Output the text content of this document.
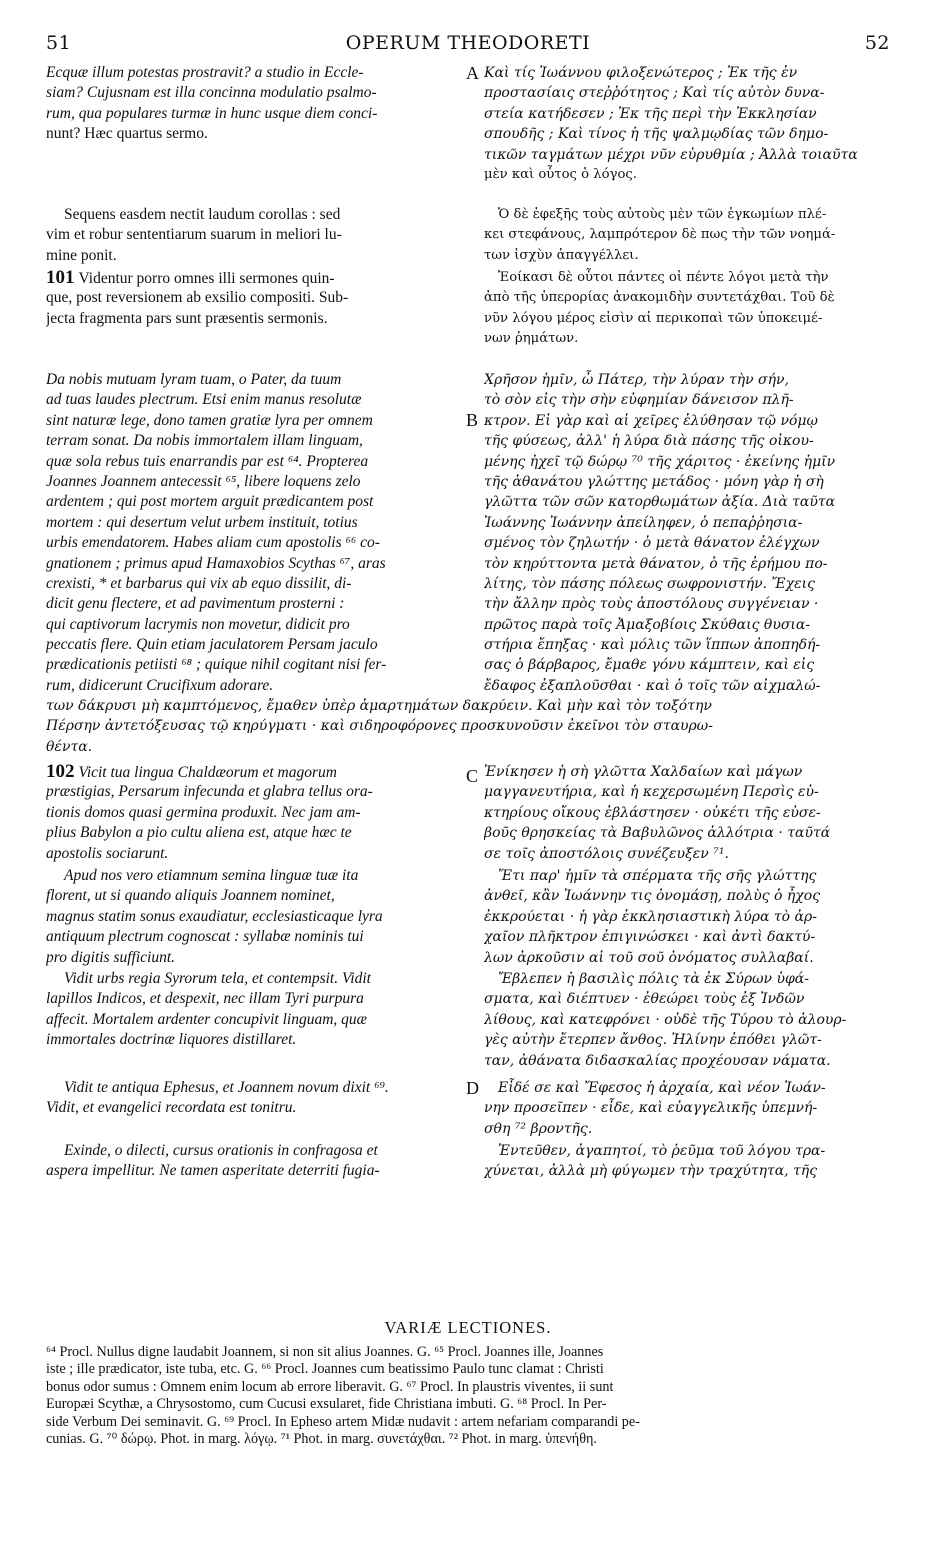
51	OPERUM THEODORETI	52
Ecquæ illum potestas prostravit? a studio in Eccle-
siam? Cujusnam est illa concinna modulatio psalmo-
rum, qua populares turmæ in hunc usque diem conci-
nunt? Hæc quartus sermo.
Sequens easdem nectit laudum corollas : sed
vim et robur sententiarum suarum in meliori lu-
mine ponit.
101 Videntur porro omnes illi sermones quin-
que, post reversionem ab exsilio compositi. Sub-
jecta fragmenta pars sunt præsentis sermonis.
Da nobis mutuam lyram tuam, o Pater, da tuum
ad tuas laudes plectrum. Etsi enim manus resolutæ
sint naturæ lege, dono tamen gratiæ lyra per omnem
terram sonat. Da nobis immortalem illam linguam,
quæ sola rebus tuis enarrandis par est ⁶⁴. Propterea
Joannes Joannem antecessit ⁶⁵, libere loquens zelo
ardentem ; qui post mortem arguit prædicantem post
mortem : qui desertum velut urbem instituit, totius
urbis emendatorem. Habes aliam cum apostolis ⁶⁶ co-
gnationem ; primus apud Hamaxobios Scythas ⁶⁷, aras
crexisti, * et barbarus qui vix ab equo dissilit, di-
dicit genu flectere, et ad pavimentum prosterni :
qui captivorum lacrymis non movetur, didicit pro
peccatis flere. Quin etiam jaculatorem Persam jaculo
prædicationis petiisti ⁶⁸ ; quique nihil cogitant nisi fer-
rum, didicerunt Crucifixum adorare.
Καὶ τίς Ἰωάννου φιλοξενώτερος ; Ἐκ τῆς ἐν
προστασίαις στεῤῥότητος ; Καὶ τίς αὐτὸν δυνα-
στεία κατήδεσεν ; Ἐκ τῆς περὶ τὴν Ἐκκλησίαν
σπουδῆς ; Καὶ τίνος ἡ τῆς ψαλμῳδίας τῶν δημο-
τικῶν ταγμάτων μέχρι νῦν εὐρυθμία ; Ἀλλὰ τοιαῦτα
μὲν καὶ οὗτος ὁ λόγος.
Ὁ δὲ ἐφεξῆς τοὺς αὐτοὺς μὲν τῶν ἐγκωμίων πλέ-
κει στεφάνους, λαμπρότερον δὲ πως τὴν τῶν νοημά-
των ἰσχὺν ἀπαγγέλλει.
Ἐοίκασι δὲ οὗτοι πάντες οἱ πέντε λόγοι μετὰ τὴν
ἀπὸ τῆς ὑπερορίας ἀνακομιδὴν συντετάχθαι. Τοῦ δὲ
νῦν λόγου μέρος εἰσὶν αἱ περικοπαὶ τῶν ὑποκειμέ-
νων ῥημάτων.
Χρῆσον ἡμῖν, ὦ Πάτερ, τὴν λύραν τὴν σήν,
τὸ σὸν εἰς τὴν σὴν εὐφημίαν δάνεισον πλῆ-
κτρον. Εἰ γὰρ καὶ αἱ χεῖρες ἐλύθησαν τῷ νόμῳ
τῆς φύσεως, ἀλλ' ἡ λύρα διὰ πάσης τῆς οἰκου-
μένης ἠχεῖ τῷ δώρῳ ⁷⁰ τῆς χάριτος · ἐκείνης ἡμῖν
τῆς ἀθανάτου γλώττης μετάδος · μόνη γὰρ ἡ σὴ
γλῶττα τῶν σῶν κατορθωμάτων ἀξία. Διὰ ταῦτα
Ἰωάννης Ἰωάννην ἀπείληφεν, ὁ πεπαῤῥησια-
σμένος τὸν ζηλωτήν · ὁ μετὰ θάνατον ἐλέγχων
τὸν κηρύττοντα μετὰ θάνατον, ὁ τῆς ἐρήμου πο-
λίτης, τὸν πάσης πόλεως σωφρονιστήν. Ἔχεις
τὴν ἄλλην πρὸς τοὺς ἀποστόλους συγγένειαν ·
πρῶτος παρὰ τοῖς Ἀμαξοβίοις Σκύθαις θυσια-
στήρια ἔπηξας · καὶ μόλις τῶν ἵππων ἀποπηδή-
σας ὁ βάρβαρος, ἔμαθε γόνυ κάμπτειν, καὶ εἰς
ἔδαφος ἐξαπλοῦσθαι · καὶ ὁ τοῖς τῶν αἰχμαλώ-
των δάκρυσι μὴ καμπτόμενος, ἔμαθεν ὑπὲρ ἁμαρτημάτων δακρύειν. Καὶ μὴν καὶ τὸν τοξότην
Πέρσην ἀντετόξευσας τῷ κηρύγματι · καὶ σιδηροφόρονες προσκυνοῦσιν ἐκεῖνοι τὸν σταυρω-
θέντα.
102 Vicit tua lingua Chaldæorum et magorum
præstigias, Persarum infecunda et glabra tellus ora-
tionis domos quasi germina produxit. Nec jam am-
plius Babylon a pio cultu aliena est, atque hæc te
apostolis sociarunt.
Apud nos vero etiamnum semina linguæ tuæ ita
florent, ut si quando aliquis Joannem nominet,
magnus statim sonus exaudiatur, ecclesiasticaque lyra
antiquum plectrum cognoscat : syllabæ nominis tui
pro digitis sufficiunt.
Vidit urbs regia Syrorum tela, et contempsit. Vidit
lapillos Indicos, et despexit, nec illam Tyri purpura
affecit. Mortalem ardenter concupivit linguam, quæ
immortales doctrinæ liquores distillaret.
Vidit te antiqua Ephesus, et Joannem novum dixit ⁶⁹.
Vidit, et evangelici recordata est tonitru.
Exinde, o dilecti, cursus orationis in confragosa et
aspera impellitur. Ne tamen asperitate deterriti fugia-
Ἐνίκησεν ἡ σὴ γλῶττα Χαλδαίων καὶ μάγων
μαγγανευτήρια, καὶ ἡ κεχερσωμένη Περσὶς εὐ-
κτηρίους οἴκους ἐβλάστησεν · οὐκέτι τῆς εὐσε-
βοῦς θρησκείας τὰ Βαβυλῶνος ἀλλότρια · ταῦτά
σε τοῖς ἀποστόλοις συνέζευξεν ⁷¹.
Ἔτι παρ' ἡμῖν τὰ σπέρματα τῆς σῆς γλώττης
ἀνθεῖ, κἂν Ἰωάννην τις ὀνομάσῃ, πολὺς ὁ ἦχος
ἐκκρούεται · ἡ γὰρ ἐκκλησιαστικὴ λύρα τὸ ἀρ-
χαῖον πλῆκτρον ἐπιγινώσκει · καὶ ἀντὶ δακτύ-
λων ἀρκοῦσιν αἱ τοῦ σοῦ ὀνόματος συλλαβαί.
Ἔβλεπεν ἡ βασιλὶς πόλις τὰ ἐκ Σύρων ὑφά-
σματα, καὶ διέπτυεν · ἐθεώρει τοὺς ἐξ Ἰνδῶν
λίθους, καὶ κατεφρόνει · οὐδὲ τῆς Τύρου τὸ ἁλουρ-
γὲς αὐτὴν ἔτερπεν ἄνθος. Ἠλίνην ἐπόθει γλῶτ-
ταν, ἀθάνατα διδασκαλίας προχέουσαν νάματα.
Εἶδέ σε καὶ Ἔφεσος ἡ ἀρχαία, καὶ νέον Ἰωάν-
νην προσεῖπεν · εἶδε, καὶ εὐαγγελικῆς ὑπεμνή-
σθη ⁷² βροντῆς.
Ἐντεῦθεν, ἀγαπητοί, τὸ ῥεῦμα τοῦ λόγου τρα-
χύνεται, ἀλλὰ μὴ φύγωμεν τὴν τραχύτητα, τῆς
A
B
C
D
VARIÆ LECTIONES.
⁶⁴ Procl. Nullus digne laudabit Joannem, si non sit alius Joannes. G. ⁶⁵ Procl. Joannes ille, Joannes
iste ; ille prædicator, iste tuba, etc. G. ⁶⁶ Procl. Joannes cum beatissimo Paulo tunc clamat : Christi
bonus odor sumus : Omnem enim locum ab errore liberavit. G. ⁶⁷ Procl. In plaustris viventes, ii sunt
Europæi Scythæ, a Chrysostomo, cum Cucusi exsularet, fide Christiana imbuti. G. ⁶⁸ Procl. In Per-
side Verbum Dei seminavit. G. ⁶⁹ Procl. In Epheso artem Midæ nudavit : artem nefariam comparandi pe-
cunias. G. ⁷⁰ δώρῳ. Phot. in marg. λόγῳ. ⁷¹ Phot. in marg. συνετάχθαι. ⁷² Phot. in marg. ὑπενήθη.
